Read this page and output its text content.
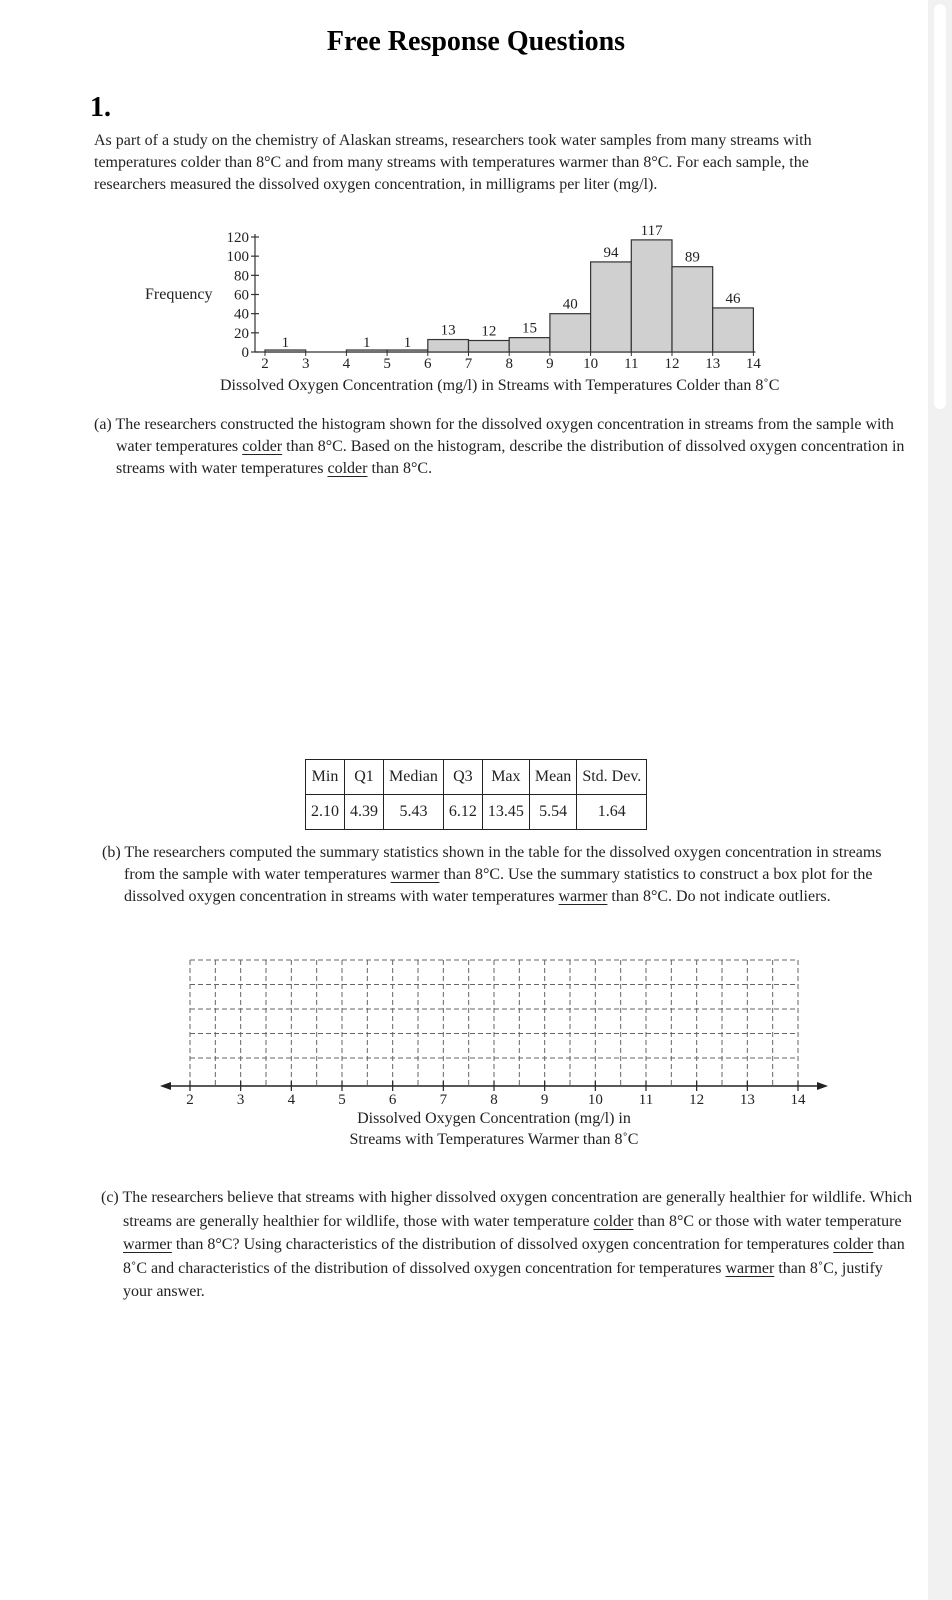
Free Response Questions
1.
As part of a study on the chemistry of Alaskan streams, researchers took water samples from many streams with temperatures colder than 8°C and from many streams with temperatures warmer than 8°C. For each sample, the researchers measured the dissolved oxygen concentration, in milligrams per liter (mg/l).
Frequency
0
20
40
60
80
100
120
1	1 1
13 12 15
40
94
117
89
46
2 3 4 5 6 7 8 9 10 11 12 13 14
Dissolved Oxygen Concentration (mg/l) in Streams with Temperatures Colder than 8˚C
(a) The researchers constructed the histogram shown for the dissolved oxygen concentration in streams from the sample with water temperatures colder than 8°C. Based on the histogram, describe the distribution of dissolved oxygen concentration in streams with water temperatures colder than 8°C.
Min	Q1	Median	Q3	Max	Mean	Std. Dev.
2.10	4.39	5.43	6.12	13.45	5.54	1.64
(b) The researchers computed the summary statistics shown in the table for the dissolved oxygen concentration in streams from the sample with water temperatures warmer than 8°C. Use the summary statistics to construct a box plot for the dissolved oxygen concentration in streams with water temperatures warmer than 8°C. Do not indicate outliers.
2	3	4	5	6	7	8	9	10 11 12 13 14
Dissolved Oxygen Concentration (mg/l) in
Streams with Temperatures Warmer than 8˚C
(c) The researchers believe that streams with higher dissolved oxygen concentration are generally healthier for wildlife. Which streams are generally healthier for wildlife, those with water temperature colder than 8°C or those with water temperature warmer than 8°C? Using characteristics of the distribution of dissolved oxygen concentration for temperatures colder than 8˚C and characteristics of the distribution of dissolved oxygen concentration for temperatures warmer than 8˚C, justify your answer.
